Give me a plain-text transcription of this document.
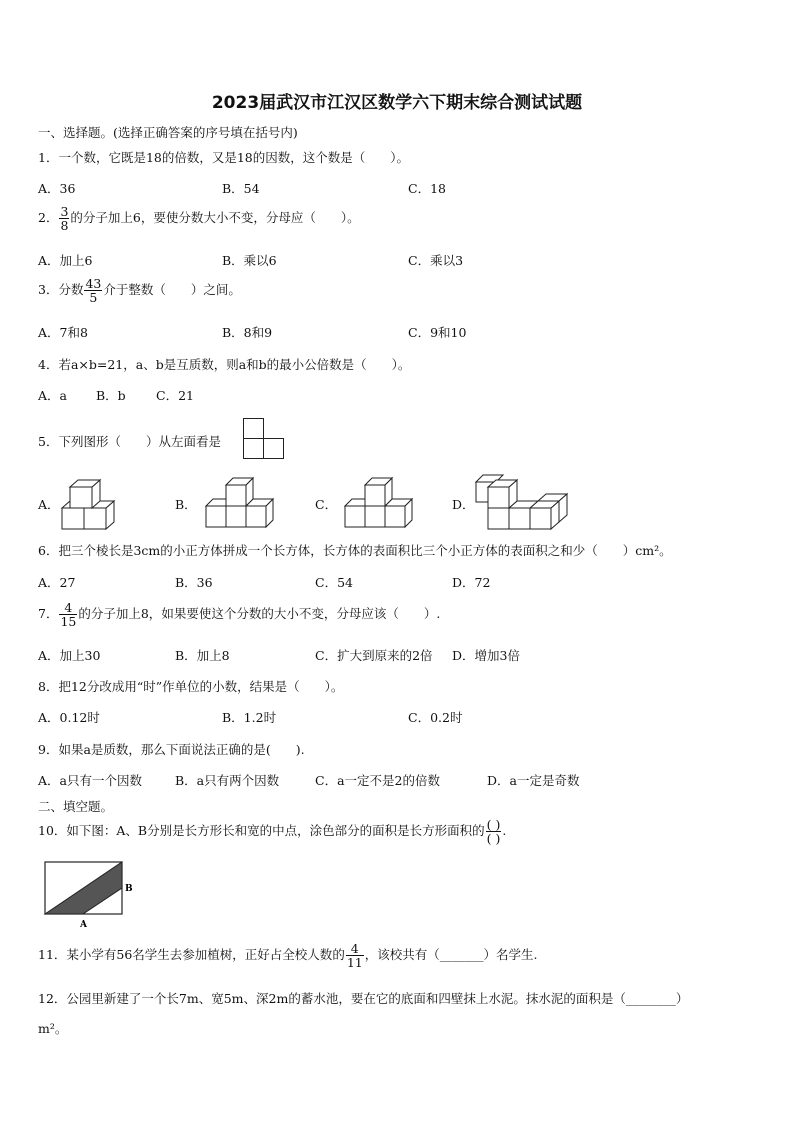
2023届武汉市江汉区数学六下期末综合测试试题
一、选择题。(选择正确答案的序号填在括号内)
1．一个数，它既是18的倍数，又是18的因数，这个数是（　　）。
A．36	B．54	C．18
2． $\frac{3}{8}$ 的分子加上6，要使分数大小不变，分母应（　　）。
A．加上6	B．乘以6	C．乘以3
3．分数 $\frac{43}{5}$ 介于整数（　　）之间。
A．7和8	B．8和9	C．9和10
4．若a×b=21，a、b是互质数，则a和b的最小公倍数是（　　）。
A．a B．b C．21
5．下列图形（　　）从左面看是
A．	B．	C．	D．
6．把三个棱长是3cm的小正方体拼成一个长方体，长方体的表面积比三个小正方体的表面积之和少（　　）cm²。
A．27	B．36	C．54	D．72
7． $\frac{4}{15}$ 的分子加上8，如果要使这个分数的大小不变，分母应该（　　）.
A．加上30	B．加上8	C．扩大到原来的2倍 D．增加3倍
8．把12分改成用“时”作单位的小数，结果是（　　）。
A．0.12时	B．1.2时	C．0.2时
9．如果a是质数，那么下面说法正确的是(　　).
A．a只有一个因数	B．a只有两个因数	C．a一定不是2的倍数	D．a一定是奇数
二、填空题。
10．如下图：A、B分别是长方形长和宽的中点，涂色部分的面积是长方形面积的 $\frac{( )}{( )}$ .
B
A
11．某小学有56名学生去参加植树，正好占全校人数的 $\frac{4}{11}$ ，该校共有（_______）名学生.
12．公园里新建了一个长7m、宽5m、深2m的蓄水池，要在它的底面和四壁抹上水泥。抹水泥的面积是（________）
m²。
